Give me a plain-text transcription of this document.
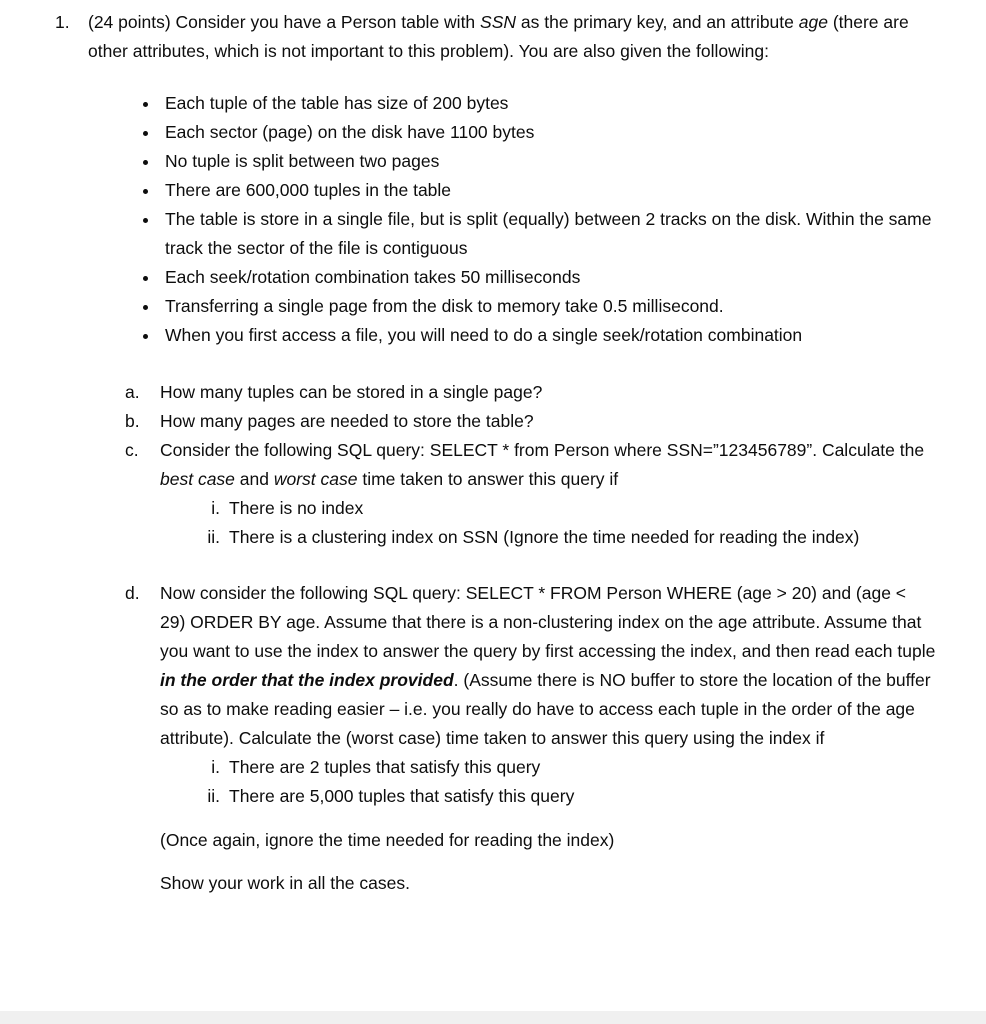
1.	(24 points) Consider you have a Person table with SSN as the primary key, and an attribute age (there are other attributes, which is not important to this problem). You are also given the following:

• Each tuple of the table has size of 200 bytes
• Each sector (page) on the disk have 1100 bytes
• No tuple is split between two pages
• There are 600,000 tuples in the table
• The table is store in a single file, but is split (equally) between 2 tracks on the disk. Within the same track the sector of the file is contiguous
• Each seek/rotation combination takes 50 milliseconds
• Transferring a single page from the disk to memory take 0.5 millisecond.
• When you first access a file, you will need to do a single seek/rotation combination
a.	How many tuples can be stored in a single page?

b.	How many pages are needed to store the table?

c.	Consider the following SQL query: SELECT * from Person where SSN=”123456789”. Calculate the best case and worst case time taken to answer this query if

i. There is no index
ii. There is a clustering index on SSN (Ignore the time needed for reading the index)
d.	Now consider the following SQL query: SELECT * FROM Person WHERE (age > 20) and (age < 29) ORDER BY age. Assume that there is a non-clustering index on the age attribute. Assume that you want to use the index to answer the query by first accessing the index, and then read each tuple in the order that the index provided. (Assume there is NO buffer to store the location of the buffer so as to make reading easier – i.e. you really do have to access each tuple in the order of the age attribute). Calculate the (worst case) time taken to answer this query using the index if

i. There are 2 tuples that satisfy this query
ii. There are 5,000 tuples that satisfy this query

(Once again, ignore the time needed for reading the index)

Show your work in all the cases.
